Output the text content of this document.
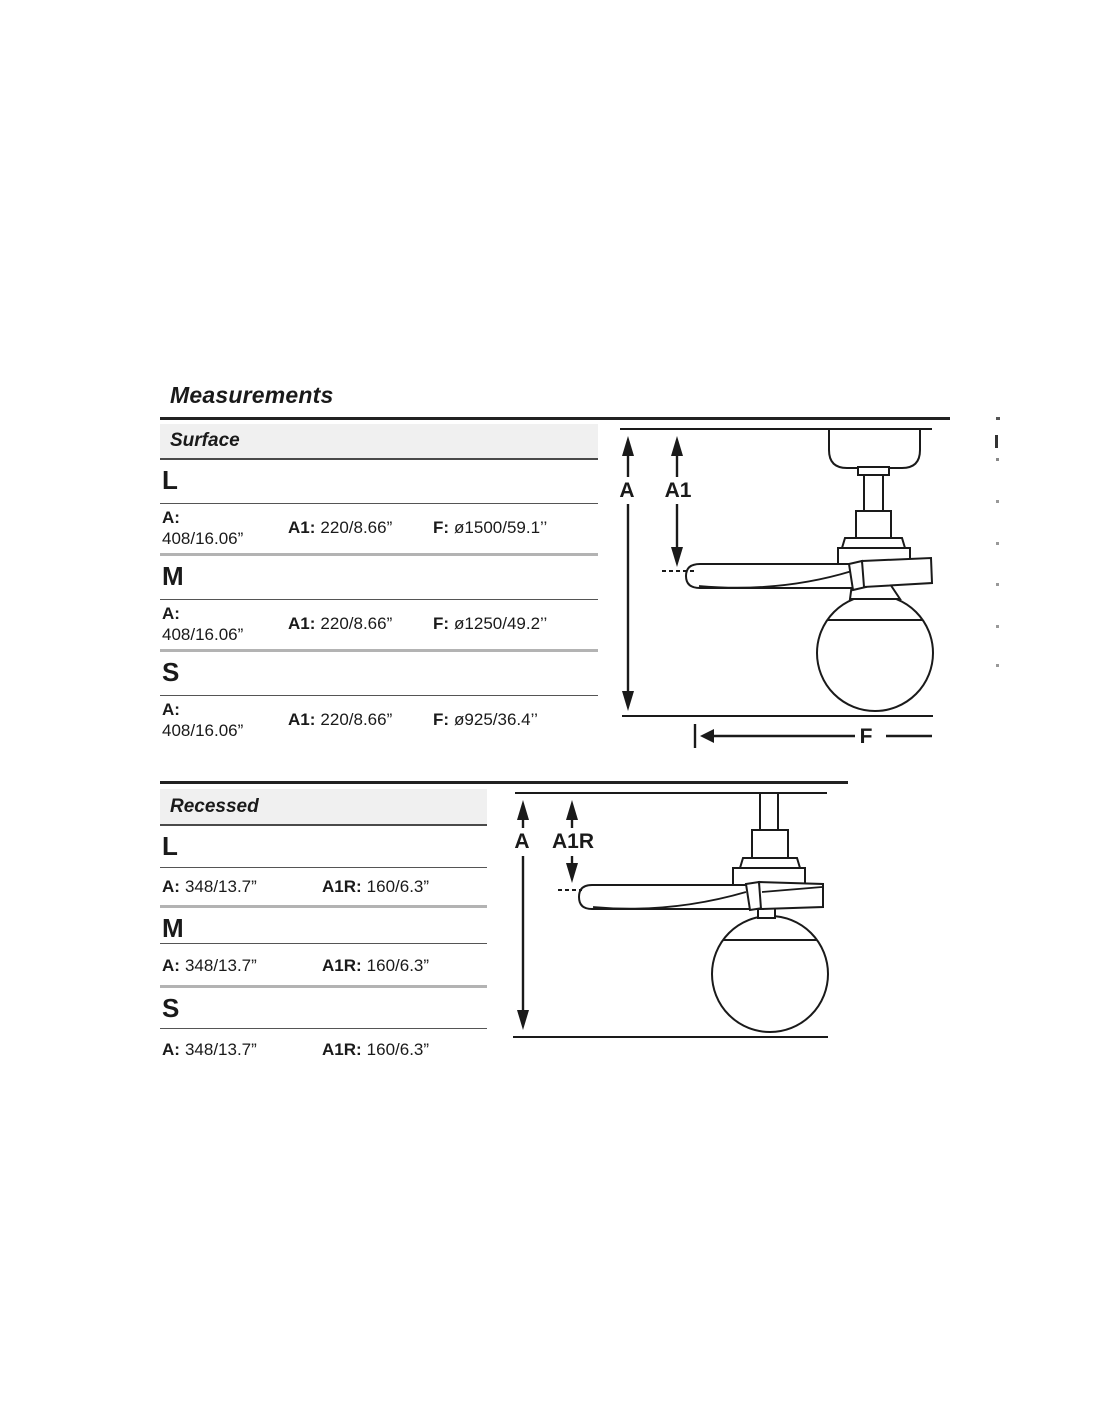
Measurements
Surface
L
A:
408/16.06”
A1: 220/8.66” F: ø1500/59.1’’
M
A:
408/16.06”
A1: 220/8.66” F: ø1250/49.2’’
S
A:
408/16.06”
A1: 220/8.66” F: ø925/36.4’’
A A1
F
Recessed
L
A: 348/13.7”	A1R: 160/6.3”
M
A: 348/13.7”	A1R: 160/6.3”
S
A: 348/13.7”	A1R: 160/6.3”
A A1R
